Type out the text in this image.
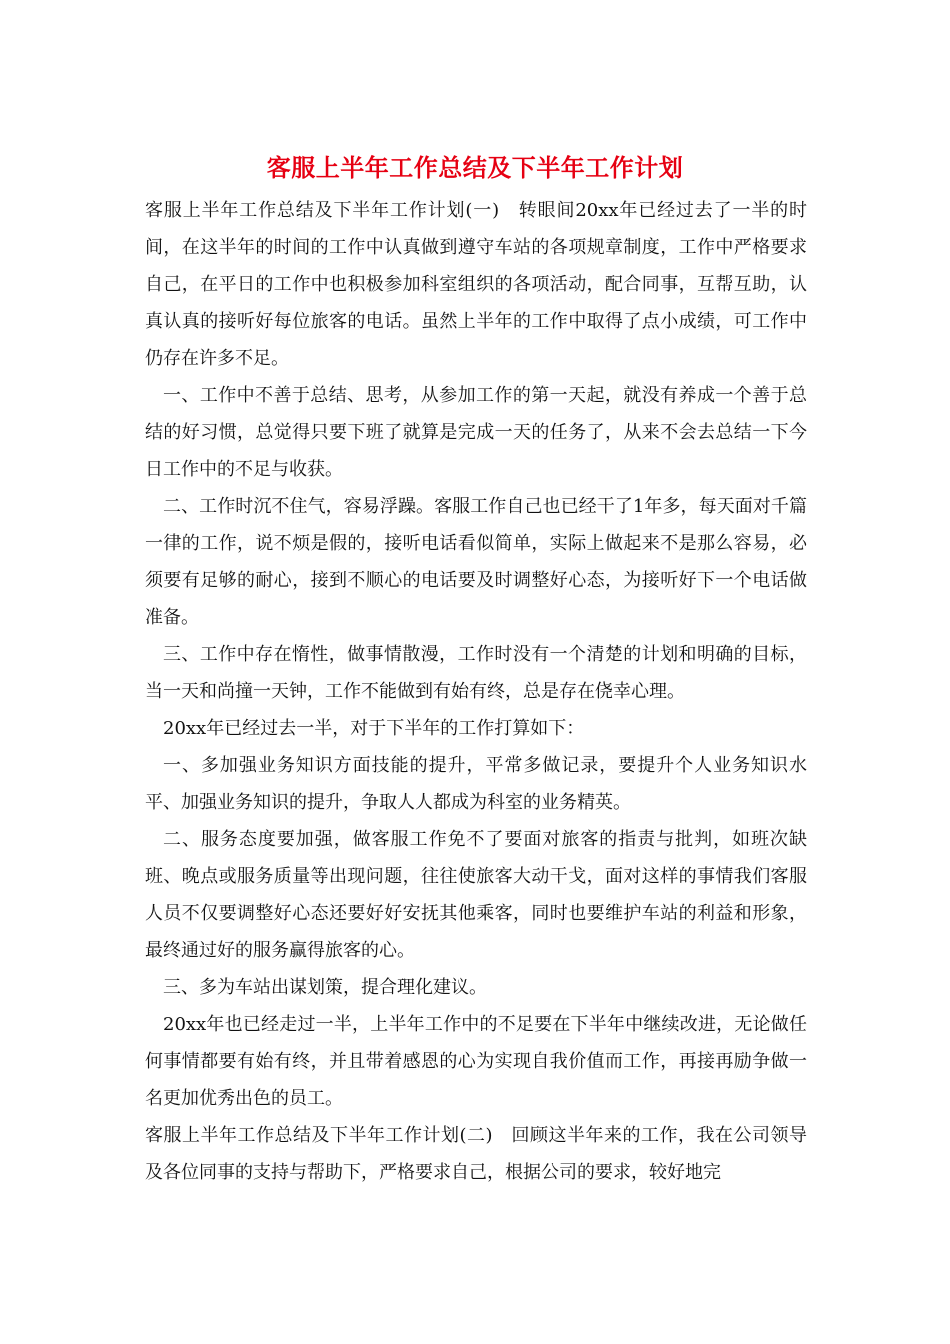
客服上半年工作总结及下半年工作计划

客服上半年工作总结及下半年工作计划(一)　转眼间20xx年已经过去了一半的时间，在这半年的时间的工作中认真做到遵守车站的各项规章制度，工作中严格要求自己，在平日的工作中也积极参加科室组织的各项活动，配合同事，互帮互助，认真认真的接听好每位旅客的电话。虽然上半年的工作中取得了点小成绩，可工作中仍存在许多不足。

一、工作中不善于总结、思考，从参加工作的第一天起，就没有养成一个善于总结的好习惯，总觉得只要下班了就算是完成一天的任务了，从来不会去总结一下今日工作中的不足与收获。

二、工作时沉不住气，容易浮躁。客服工作自己也已经干了1年多，每天面对千篇一律的工作，说不烦是假的，接听电话看似简单，实际上做起来不是那么容易，必须要有足够的耐心，接到不顺心的电话要及时调整好心态，为接听好下一个电话做准备。

三、工作中存在惰性，做事情散漫，工作时没有一个清楚的计划和明确的目标，当一天和尚撞一天钟，工作不能做到有始有终，总是存在侥幸心理。

20xx年已经过去一半，对于下半年的工作打算如下：

一、多加强业务知识方面技能的提升，平常多做记录，要提升个人业务知识水平、加强业务知识的提升，争取人人都成为科室的业务精英。

二、服务态度要加强，做客服工作免不了要面对旅客的指责与批判，如班次缺班、晚点或服务质量等出现问题，往往使旅客大动干戈，面对这样的事情我们客服人员不仅要调整好心态还要好好安抚其他乘客，同时也要维护车站的利益和形象，最终通过好的服务赢得旅客的心。

三、多为车站出谋划策，提合理化建议。

20xx年也已经走过一半，上半年工作中的不足要在下半年中继续改进，无论做任何事情都要有始有终，并且带着感恩的心为实现自我价值而工作，再接再励争做一名更加优秀出色的员工。

客服上半年工作总结及下半年工作计划(二)　回顾这半年来的工作，我在公司领导及各位同事的支持与帮助下，严格要求自己，根据公司的要求，较好地完
